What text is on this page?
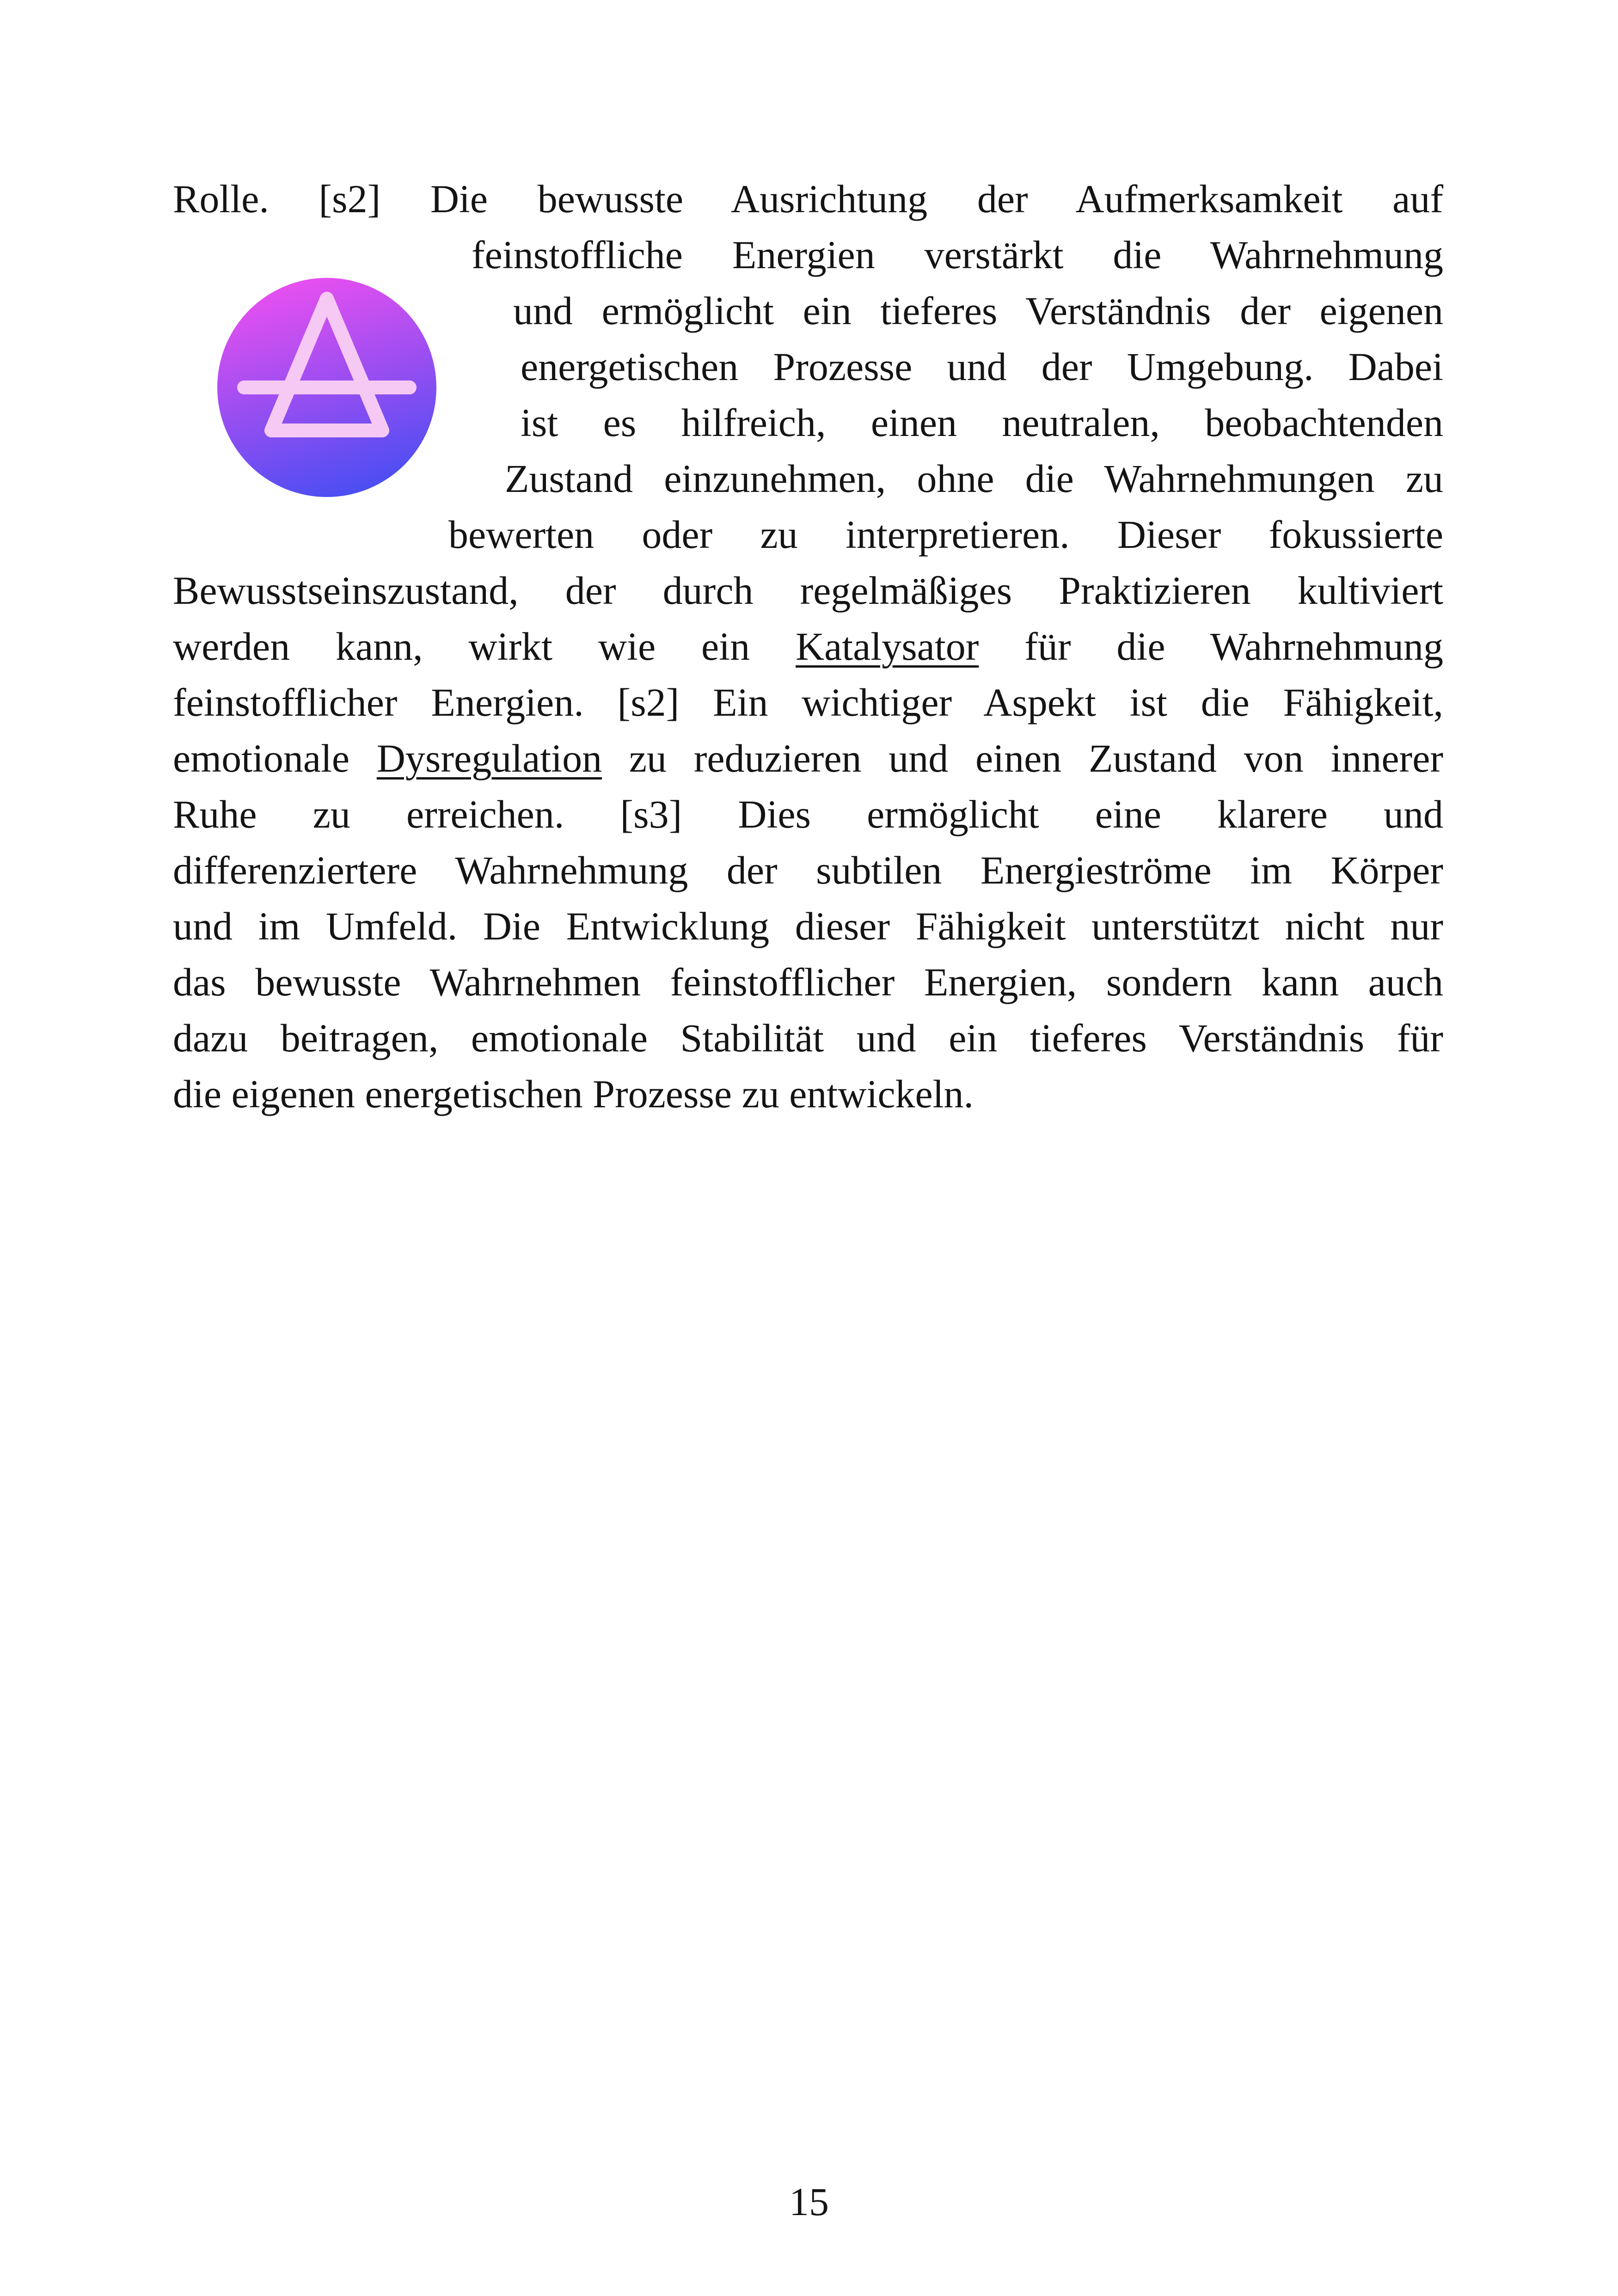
Rolle. [s2] Die bewusste Ausrichtung der Aufmerksamkeit auf
feinstoffliche Energien verstärkt die Wahrnehmung
und ermöglicht ein tieferes Verständnis der eigenen
energetischen Prozesse und der Umgebung. Dabei
ist es hilfreich, einen neutralen, beobachtenden
Zustand einzunehmen, ohne die Wahrnehmungen zu
bewerten oder zu interpretieren. Dieser fokussierte
Bewusstseinszustand, der durch regelmäßiges Praktizieren kultiviert
werden kann, wirkt wie ein Katalysator für die Wahrnehmung
feinstofflicher Energien. [s2] Ein wichtiger Aspekt ist die Fähigkeit,
emotionale Dysregulation zu reduzieren und einen Zustand von innerer
Ruhe zu erreichen. [s3] Dies ermöglicht eine klarere und
differenziertere Wahrnehmung der subtilen Energieströme im Körper
und im Umfeld. Die Entwicklung dieser Fähigkeit unterstützt nicht nur
das bewusste Wahrnehmen feinstofflicher Energien, sondern kann auch
dazu beitragen, emotionale Stabilität und ein tieferes Verständnis für
die eigenen energetischen Prozesse zu entwickeln.
15
